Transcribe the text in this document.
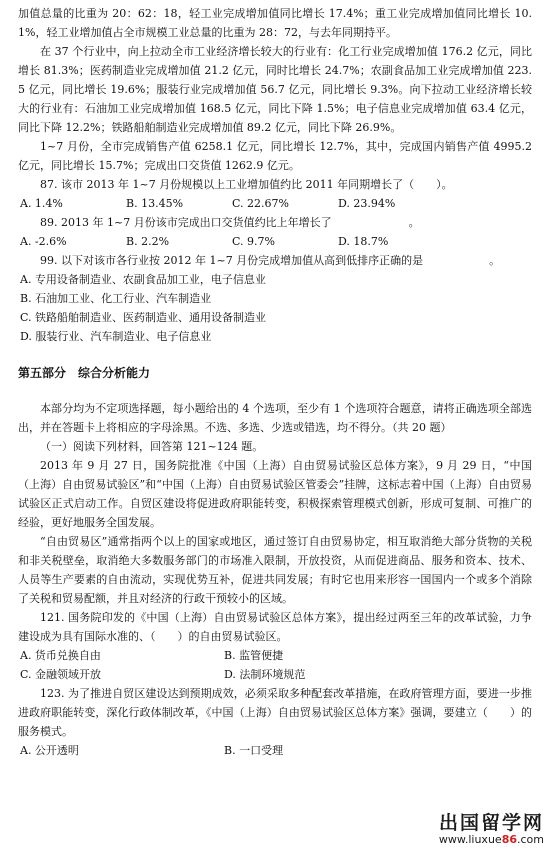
加值总量的比重为 20：62：18，轻工业完成增加值同比增长 17.4%；重工业完成增加值同比增长 10.1%，轻工业增加值占全市规模工业总量的比重为 28：72，与去年同期持平。

在 37 个行业中，向上拉动全市工业经济增长较大的行业有：化工行业完成增加值 176.2 亿元，同比增长 81.3%；医药制造业完成增加值 21.2 亿元，同时比增长 24.7%；农副食品加工业完成增加值 223.5 亿元，同比增长 19.6%；服装行业完成增加值 56.7 亿元，同比增长 9.3%。向下拉动工业经济增长较大的行业有：石油加工业完成增加值 168.5 亿元，同比下降 1.5%；电子信息业完成增加值 63.4 亿元，同比下降 12.2%；铁路船舶制造业完成增加值 89.2 亿元，同比下降 26.9%。

1~7 月份，全市完成销售产值 6258.1 亿元，同比增长 12.7%，其中，完成国内销售产值 4995.2 亿元，同比增长 15.7%；完成出口交货值 1262.9 亿元。

87. 该市 2013 年 1~7 月份规模以上工业增加值约比 2011 年同期增长了（　　）。

A. 1.4%	B. 13.45%	C. 22.67%	D. 23.94%

89. 2013 年 1~7 月份该市完成出口交货值约比上年增长了　　　　　　　。

A. -2.6%	B. 2.2%	C. 9.7%	D. 18.7%

99. 以下对该市各行业按 2012 年 1~7 月份完成增加值从高到低排序正确的是　　　　　　。

A. 专用设备制造业、农副食品加工业，电子信息业

B. 石油加工业、化工行业、汽车制造业

C. 铁路船舶制造业、医药制造业、通用设备制造业

D. 服装行业、汽车制造业、电子信息业

第五部分 综合分析能力

本部分均为不定项选择题，每小题给出的 4 个选项，至少有 1 个选项符合题意，请将正确选项全部选出，并在答题卡上将相应的字母涂黑。不选、多选、少选或错选，均不得分。（共 20 题）

（一）阅读下列材料，回答第 121~124 题。

2013 年 9 月 27 日，国务院批准《中国（上海）自由贸易试验区总体方案》，9 月 29 日，“中国（上海）自由贸易试验区”和“中国（上海）自由贸易试验区管委会”挂牌，这标志着中国（上海）自由贸易试验区正式启动工作。自贸区建设将促进政府职能转变，积极探索管理模式创新，形成可复制、可推广的经验，更好地服务全国发展。

“自由贸易区”通常指两个以上的国家或地区，通过签订自由贸易协定，相互取消绝大部分货物的关税和非关税壁垒，取消绝大多数服务部门的市场准入限制，开放投资，从而促进商品、服务和资本、技术、人员等生产要素的自由流动，实现优势互补，促进共同发展；有时它也用来形容一国国内一个或多个消除了关税和贸易配额，并且对经济的行政干预较小的区域。

121. 国务院印发的《中国（上海）自由贸易试验区总体方案》，提出经过两至三年的改革试验，力争建设成为具有国际水准的、（　　）的自由贸易试验区。

A. 货币兑换自由	B. 监管便捷
C. 金融领域开放	D. 法制环境规范

123. 为了推进自贸区建设达到预期成效，必须采取多种配套改革措施，在政府管理方面，要进一步推进政府职能转变，深化行政体制改革，《中国（上海）自由贸易试验区总体方案》强调，要建立（　　）的服务模式。

A. 公开透明	B. 一口受理
出国留学网
www.liuxue86.com
